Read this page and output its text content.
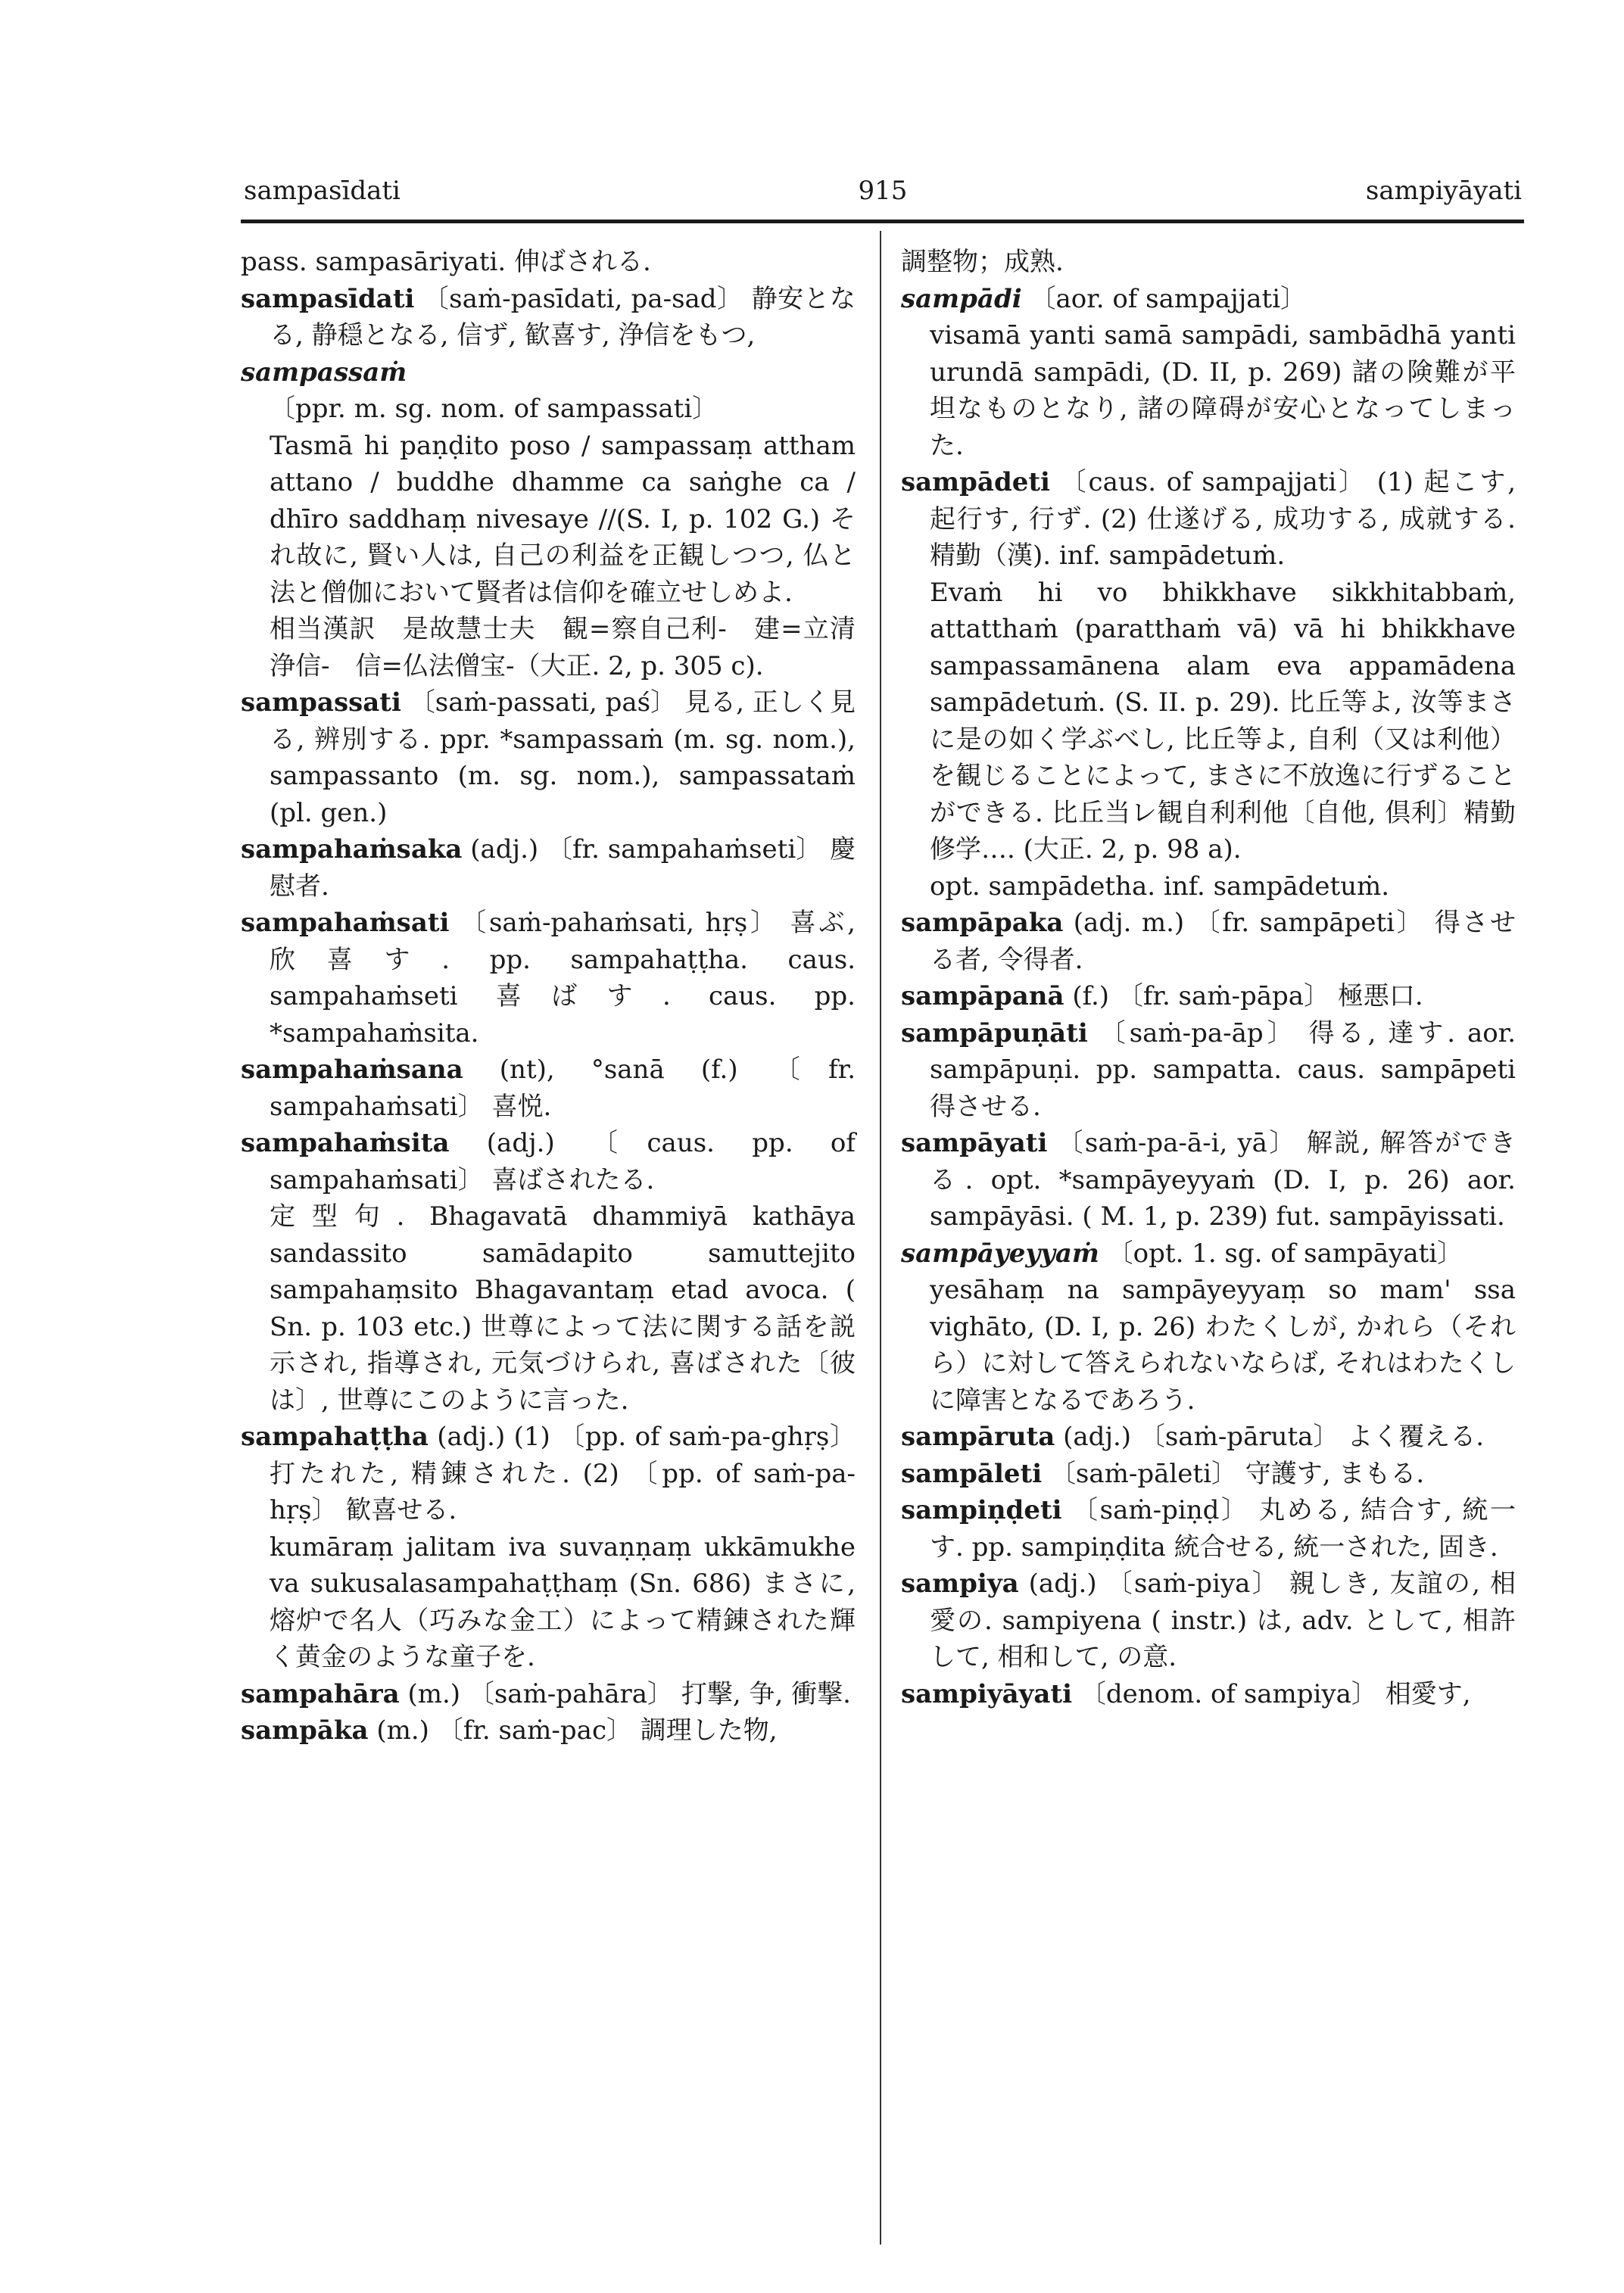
sampasīdati	915	sampiyāyati

pass. sampasāriyati. 伸ばされる.

sampasīdati 〔saṁ-pasīdati, pa-sad〕 静安となる, 静穏となる, 信ず, 歓喜す, 浄信をもつ,

sampassaṁ 〔ppr. m. sg. nom. of sampassati〕

Tasmā hi paṇḍito poso / sampassaṃ attham attano / buddhe dhamme ca saṅghe ca / dhīro saddhaṃ nivesaye //(S. I, p. 102 G.) それ故に, 賢い人は, 自己の利益を正観しつつ, 仏と法と僧伽において賢者は信仰を確立せしめよ.

相当漢訳　是故慧士夫　観=察自己利-　建=立清浄信-　信=仏法僧宝-（大正. 2, p. 305 c).

sampassati 〔saṁ-passati, paś〕 見る, 正しく見る, 辨別する. ppr. *sampassaṁ (m. sg. nom.), sampassanto (m. sg. nom.), sampassataṁ (pl. gen.)

sampahaṁsaka (adj.) 〔fr. sampahaṁseti〕 慶慰者.

sampahaṁsati 〔saṁ-pahaṁsati, hṛṣ〕 喜ぶ, 欣喜す. pp. sampahaṭṭha. caus. sampahaṁseti 喜ばす. caus. pp. *sampahaṁsita.

sampahaṁsana (nt), °sanā (f.) 〔fr. sampahaṁsati〕 喜悦.

sampahaṁsita (adj.) 〔caus. pp. of sampahaṁsati〕 喜ばされたる.

定型句. Bhagavatā dhammiyā kathāya sandassito samādapito samuttejito sampahaṃsito Bhagavantaṃ etad avoca. ( Sn. p. 103 etc.) 世尊によって法に関する話を説示され, 指導され, 元気づけられ, 喜ばされた〔彼は〕, 世尊にこのように言った.

sampahaṭṭha (adj.) (1) 〔pp. of saṁ-pa-ghṛṣ〕 打たれた, 精錬された. (2) 〔pp. of saṁ-pa-hṛṣ〕 歓喜せる.

kumāraṃ jalitam iva suvaṇṇaṃ ukkāmukhe va sukusalasampahaṭṭhaṃ (Sn. 686) まさに, 熔炉で名人（巧みな金工）によって精錬された輝く黄金のような童子を.

sampahāra (m.) 〔saṁ-pahāra〕 打撃, 争, 衝撃.

sampāka (m.) 〔fr. saṁ-pac〕 調理した物,

調整物；成熟.

sampādi 〔aor. of sampajjati〕

visamā yanti samā sampādi, sambādhā yanti urundā sampādi, (D. II, p. 269) 諸の険難が平坦なものとなり, 諸の障碍が安心となってしまった.

sampādeti 〔caus. of sampajjati〕 (1) 起こす, 起行す, 行ず. (2) 仕遂げる, 成功する, 成就する. 精勤（漢). inf. sampādetuṁ.

Evaṁ hi vo bhikkhave sikkhitabbaṁ, attatthaṁ (paratthaṁ vā) vā hi bhikkhave sampassamānena alam eva appamādena sampādetuṁ. (S. II. p. 29). 比丘等よ, 汝等まさに是の如く学ぶべし, 比丘等よ, 自利（又は利他）を観じることによって, まさに不放逸に行ずることができる. 比丘当レ観自利利他〔自他, 倶利〕精勤修学…. (大正. 2, p. 98 a).

opt. sampādetha. inf. sampādetuṁ.

sampāpaka (adj. m.) 〔fr. sampāpeti〕 得させる者, 令得者.

sampāpanā (f.) 〔fr. saṁ-pāpa〕 極悪口.

sampāpuṇāti 〔saṁ-pa-āp〕 得る, 達す. aor. sampāpuṇi. pp. sampatta. caus. sampāpeti 得させる.

sampāyati 〔saṁ-pa-ā-i, yā〕 解説, 解答ができる. opt. *sampāyeyyaṁ (D. I, p. 26) aor. sampāyāsi. ( M. 1, p. 239) fut. sampāyissati.

sampāyeyyaṁ 〔opt. 1. sg. of sampāyati〕

yesāhaṃ na sampāyeyyaṃ so mam' ssa vighāto, (D. I, p. 26) わたくしが, かれら（それら）に対して答えられないならば, それはわたくしに障害となるであろう.

sampāruta (adj.) 〔saṁ-pāruta〕 よく覆える.

sampāleti 〔saṁ-pāleti〕 守護す, まもる.

sampiṇḍeti 〔saṁ-piṇḍ〕 丸める, 結合す, 統一す. pp. sampiṇḍita 統合せる, 統一された, 固き.

sampiya (adj.) 〔saṁ-piya〕 親しき, 友誼の, 相愛の. sampiyena ( instr.) は, adv. として, 相許して, 相和して, の意.

sampiyāyati 〔denom. of sampiya〕 相愛す,
